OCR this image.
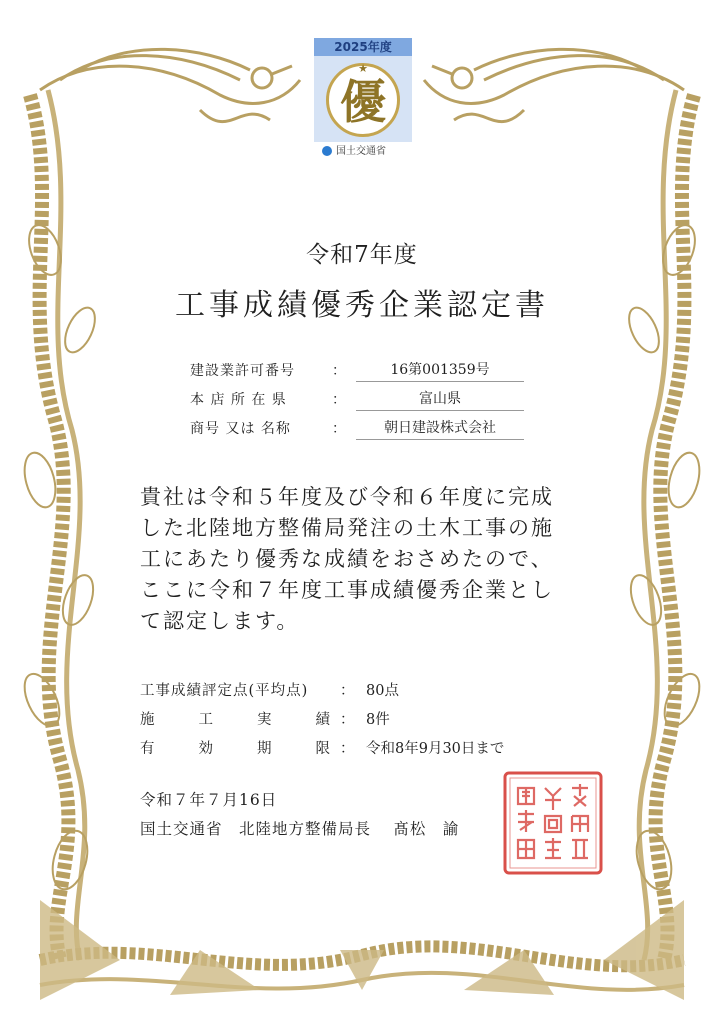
2025年度
★
優
国土交通省
令和7年度
工事成績優秀企業認定書
建設業許可番号	：	16第001359号
本 店 所 在 県	：	富山県
商号 又は 名称	：	朝日建設株式会社
貴社は令和５年度及び令和６年度に完成
した北陸地方整備局発注の土木工事の施
工にあたり優秀な成績をおさめたので、
ここに令和７年度工事成績優秀企業とし
て認定します。
工事成績評定点(平均点)	： 80点
施工実績 ： 8件
有効期限 ： 令和8年9月30日まで
令和７年７月16日
国土交通省　北陸地方整備局長　 髙松　諭
